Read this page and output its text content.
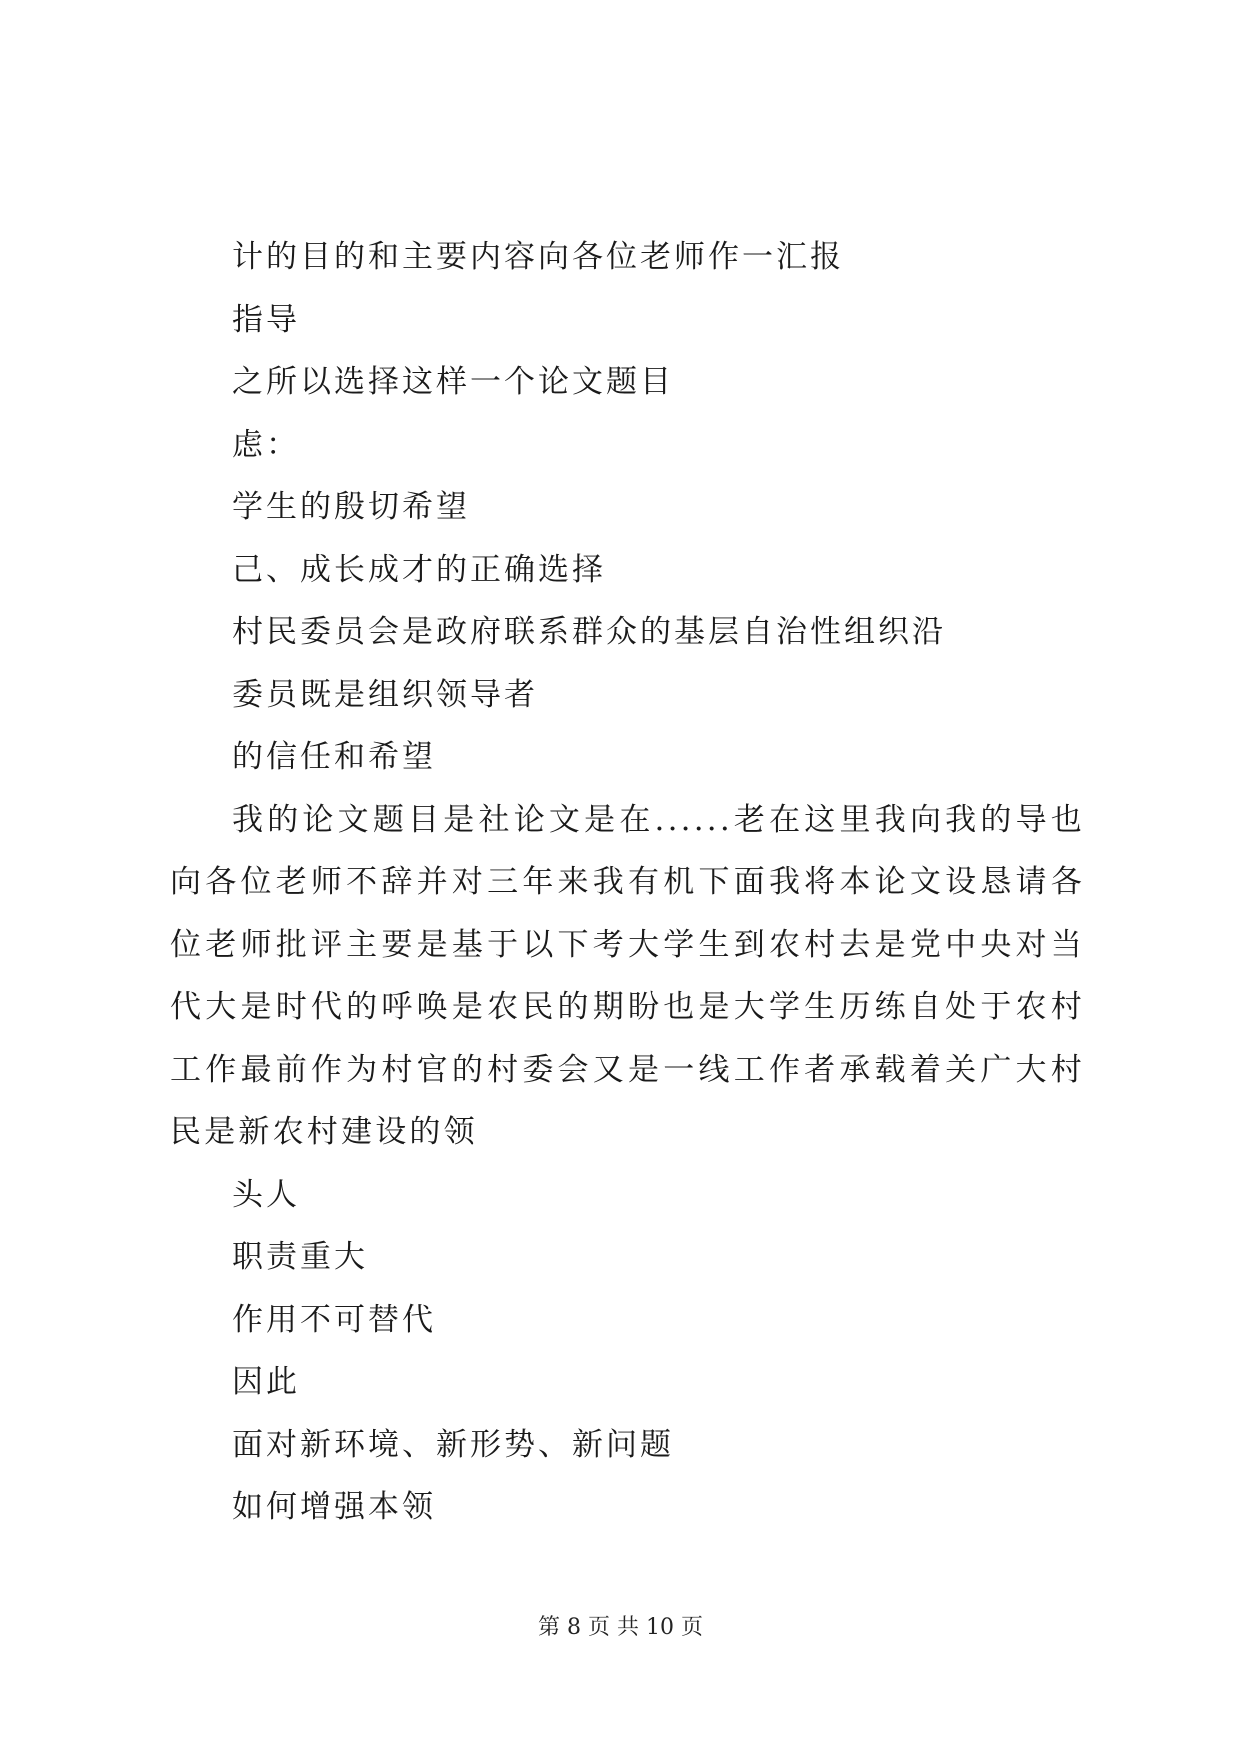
计的目的和主要内容向各位老师作一汇报
指导
之所以选择这样一个论文题目
虑：
学生的殷切希望
己、成长成才的正确选择
村民委员会是政府联系群众的基层自治性组织沿
委员既是组织领导者
的信任和希望

我的论文题目是社论文是在......老在这里我向我的导也向各位老师不辞并对三年来我有机下面我将本论文设恳请各位老师批评主要是基于以下考大学生到农村去是党中央对当代大是时代的呼唤是农民的期盼也是大学生历练自处于农村工作最前作为村官的村委会又是一线工作者承载着关广大村民是新农村建设的领

头人
职责重大
作用不可替代
因此
面对新环境、新形势、新问题
如何增强本领
第 8 页 共 10 页
